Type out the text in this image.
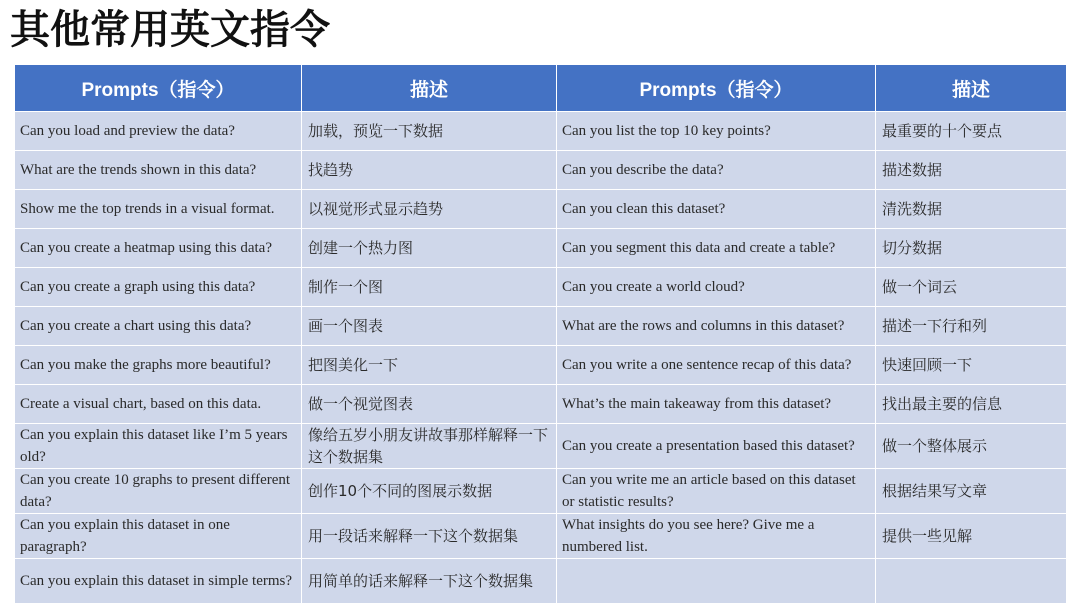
其他常用英文指令
Prompts（指令）	描述	Prompts（指令）	描述
Can you load and preview the data?	加载，预览一下数据	Can you list the top 10 key points?	最重要的十个要点
What are the trends shown in this data?	找趋势	Can you describe the data?	描述数据
Show me the top trends in a visual format.	以视觉形式显示趋势	Can you clean this dataset?	清洗数据
Can you create a heatmap using this data?	创建一个热力图	Can you segment this data and create a table?	切分数据
Can you create a graph using this data?	制作一个图	Can you create a world cloud?	做一个词云
Can you create a chart using this data?	画一个图表	What are the rows and columns in this dataset?	描述一下行和列
Can you make the graphs more beautiful?	把图美化一下	Can you write a one sentence recap of this data?	快速回顾一下
Create a visual chart, based on this data.	做一个视觉图表	What’s the main takeaway from this dataset?	找出最主要的信息
Can you explain this dataset like I’m 5 years old?	像给五岁小朋友讲故事那样解释一下这个数据集	Can you create a presentation based this dataset?	做一个整体展示
Can you create 10 graphs to present different data?	创作10个不同的图展示数据	Can you write me an article based on this dataset or statistic results?	根据结果写文章
Can you explain this dataset in one paragraph?	用一段话来解释一下这个数据集	What insights do you see here? Give me a numbered list.	提供一些见解
Can you explain this dataset in simple terms?	用简单的话来解释一下这个数据集		
